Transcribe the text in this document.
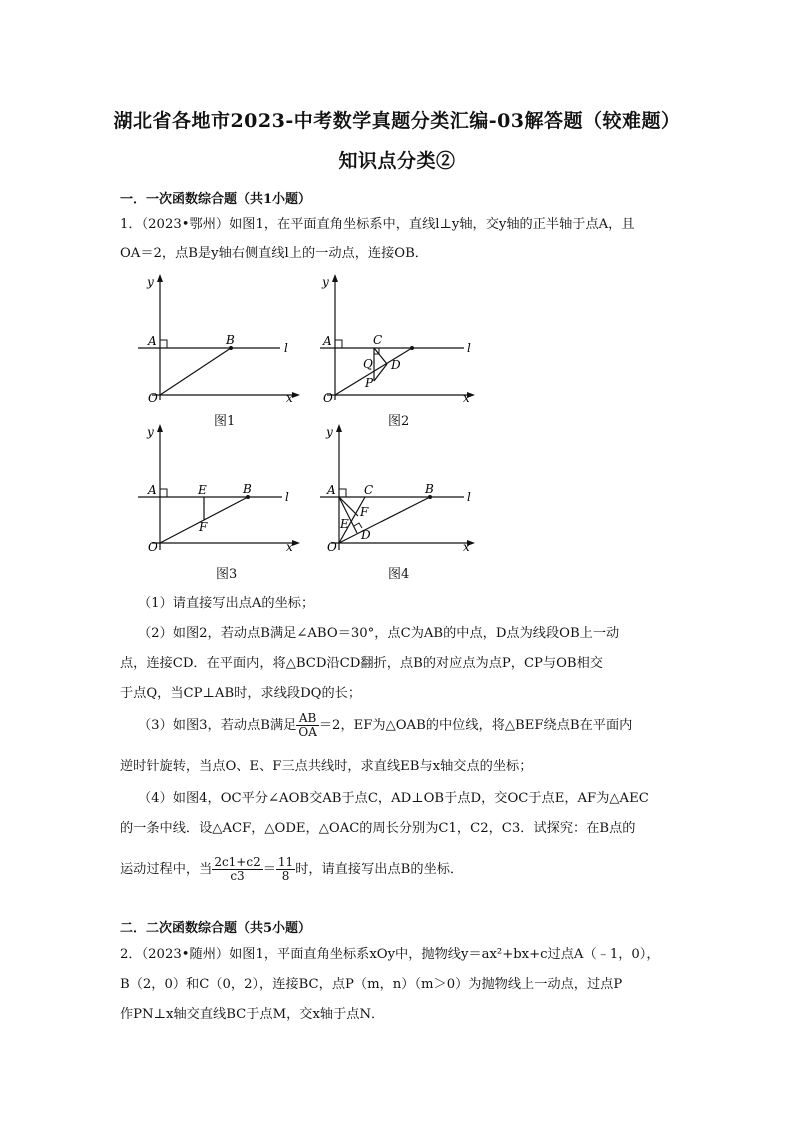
湖北省各地市2023-中考数学真题分类汇编-03解答题（较难题）
知识点分类②
一．一次函数综合题（共1小题）
1．（2023•鄂州）如图1，在平面直角坐标系中，直线l⊥y轴，交y轴的正半轴于点A，且
OA＝2，点B是y轴右侧直线l上的一动点，连接OB．
y
x
O
A	B
l
图1
y
x
O
A	C
Q D
P
l
图2
y
x
O
A	E	B
F
l
图3
y
x
O
A C
F
E
D
B
l
图4
（1）请直接写出点A的坐标；
（2）如图2，若动点B满足∠ABO＝30°，点C为AB的中点，D点为线段OB上一动
点，连接CD．在平面内，将△BCD沿CD翻折，点B的对应点为点P，CP与OB相交
于点Q，当CP⊥AB时，求线段DQ的长；
（3）如图3，若动点B满足 $\frac{AB}{OA} =2$，EF为△OAB的中位线，将△BEF绕点B在平面内
逆时针旋转，当点O、E、F三点共线时，求直线EB与x轴交点的坐标；
（4）如图4，OC平分∠AOB交AB于点C，AD⊥OB于点D，交OC于点E，AF为△AEC
的一条中线．设△ACF，△ODE，△OAC的周长分别为C1，C2，C3．试探究：在B点的
运动过程中，当 $\frac{2c1+c2}{c3} = \frac{11}{8}$ 时，请直接写出点B的坐标．
二．二次函数综合题（共5小题）
2．（2023•随州）如图1，平面直角坐标系xOy中，抛物线y＝ax²+bx+c过点A（﹣1，0），
B（2，0）和C（0，2），连接BC，点P（m，n）（m＞0）为抛物线上一动点，过点P
作PN⊥x轴交直线BC于点M，交x轴于点N．
